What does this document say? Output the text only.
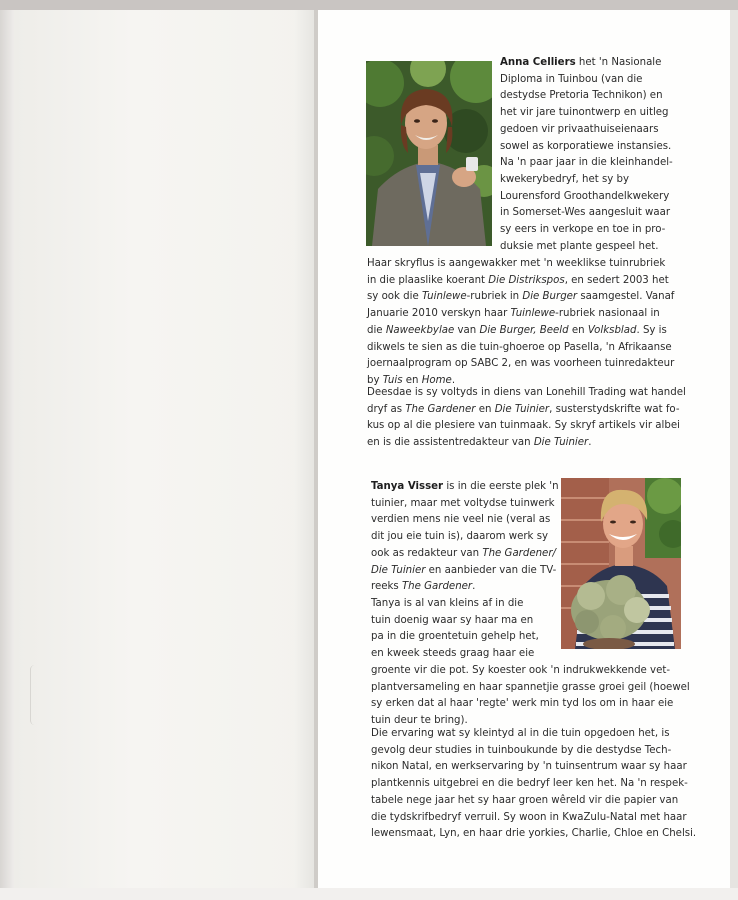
Anna Celliers het 'n Nasionale
Diploma in Tuinbou (van die
destydse Pretoria Technikon) en
het vir jare tuinontwerp en uitleg
gedoen vir privaathuiseienaars
sowel as korporatiewe instansies.
Na 'n paar jaar in die kleinhandel-
kwekerybedryf, het sy by
Lourensford Groothandelkwekery
in Somerset-Wes aangesluit waar
sy eers in verkope en toe in pro-
duksie met plante gespeel het.

Haar skryflus is aangewakker met 'n weeklikse tuinrubriek
in die plaaslike koerant Die Distrikspos, en sedert 2003 het
sy ook die Tuinlewe-rubriek in Die Burger saamgestel. Vanaf
Januarie 2010 verskyn haar Tuinlewe-rubriek nasionaal in
die Naweekbylae van Die Burger, Beeld en Volksblad. Sy is
dikwels te sien as die tuin-ghoeroe op Pasella, 'n Afrikaanse
joernaalprogram op SABC 2, en was voorheen tuinredakteur
by Tuis en Home.

Deesdae is sy voltyds in diens van Lonehill Trading wat handel
dryf as The Gardener en Die Tuinier, susterstydskrifte wat fo-
kus op al die plesiere van tuinmaak. Sy skryf artikels vir albei
en is die assistentredakteur van Die Tuinier.

Tanya Visser is in die eerste plek 'n
tuinier, maar met voltydse tuinwerk
verdien mens nie veel nie (veral as
dit jou eie tuin is), daarom werk sy
ook as redakteur van The Gardener/
Die Tuinier en aanbieder van die TV-
reeks The Gardener.

Tanya is al van kleins af in die
tuin doenig waar sy haar ma en
pa in die groentetuin gehelp het,
en kweek steeds graag haar eie
groente vir die pot. Sy koester ook 'n indrukwekkende vet-
plantversameling en haar spannetjie grasse groei geil (hoewel
sy erken dat al haar 'regte' werk min tyd los om in haar eie
tuin deur te bring).

Die ervaring wat sy kleintyd al in die tuin opgedoen het, is
gevolg deur studies in tuinboukunde by die destydse Tech-
nikon Natal, en werkservaring by 'n tuinsentrum waar sy haar
plantkennis uitgebrei en die bedryf leer ken het. Na 'n respek-
tabele nege jaar het sy haar groen wêreld vir die papier van
die tydskrifbedryf verruil. Sy woon in KwaZulu-Natal met haar
lewensmaat, Lyn, en haar drie yorkies, Charlie, Chloe en Chelsi.
